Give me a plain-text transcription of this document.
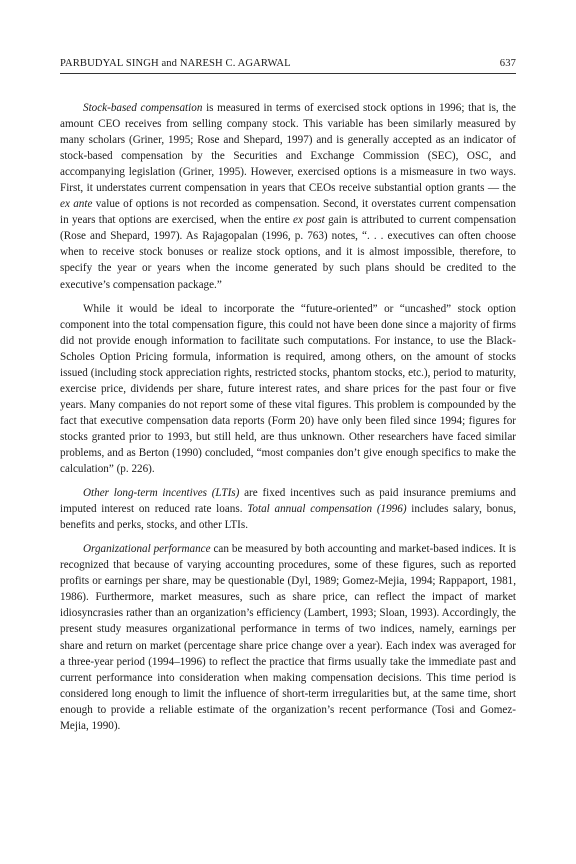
PARBUDYAL SINGH and NARESH C. AGARWAL	637

Stock-based compensation is measured in terms of exercised stock options in 1996; that is, the amount CEO receives from selling company stock. This variable has been similarly measured by many scholars (Griner, 1995; Rose and Shepard, 1997) and is generally accepted as an indicator of stock-based compensation by the Securities and Exchange Commission (SEC), OSC, and accompanying legislation (Griner, 1995). However, exercised options is a mismeasure in two ways. First, it understates current compensation in years that CEOs receive substantial option grants — the ex ante value of options is not recorded as compensation. Second, it overstates current compensation in years that options are exercised, when the entire ex post gain is attributed to current compensation (Rose and Shepard, 1997). As Rajagopalan (1996, p. 763) notes, “. . . executives can often choose when to receive stock bonuses or realize stock options, and it is almost impossible, therefore, to specify the year or years when the income generated by such plans should be credited to the executive’s compensation package.”

While it would be ideal to incorporate the “future-oriented” or “uncashed” stock option component into the total compensation figure, this could not have been done since a majority of firms did not provide enough information to facilitate such computations. For instance, to use the Black-Scholes Option Pricing formula, information is required, among others, on the amount of stocks issued (including stock appreciation rights, restricted stocks, phantom stocks, etc.), period to maturity, exercise price, dividends per share, future interest rates, and share prices for the past four or five years. Many companies do not report some of these vital figures. This problem is compounded by the fact that executive compensation data reports (Form 20) have only been filed since 1994; figures for stocks granted prior to 1993, but still held, are thus unknown. Other researchers have faced similar problems, and as Berton (1990) concluded, “most companies don’t give enough specifics to make the calculation” (p. 226).

Other long-term incentives (LTIs) are fixed incentives such as paid insurance premiums and imputed interest on reduced rate loans. Total annual compensation (1996) includes salary, bonus, benefits and perks, stocks, and other LTIs.

Organizational performance can be measured by both accounting and market-based indices. It is recognized that because of varying accounting procedures, some of these figures, such as reported profits or earnings per share, may be questionable (Dyl, 1989; Gomez-Mejia, 1994; Rappaport, 1981, 1986). Furthermore, market measures, such as share price, can reflect the impact of market idiosyncrasies rather than an organization’s efficiency (Lambert, 1993; Sloan, 1993). Accordingly, the present study measures organizational performance in terms of two indices, namely, earnings per share and return on market (percentage share price change over a year). Each index was averaged for a three-year period (1994–1996) to reflect the practice that firms usually take the immediate past and current performance into consideration when making compensation decisions. This time period is considered long enough to limit the influence of short-term irregularities but, at the same time, short enough to provide a reliable estimate of the organization’s recent performance (Tosi and Gomez-Mejia, 1990).
